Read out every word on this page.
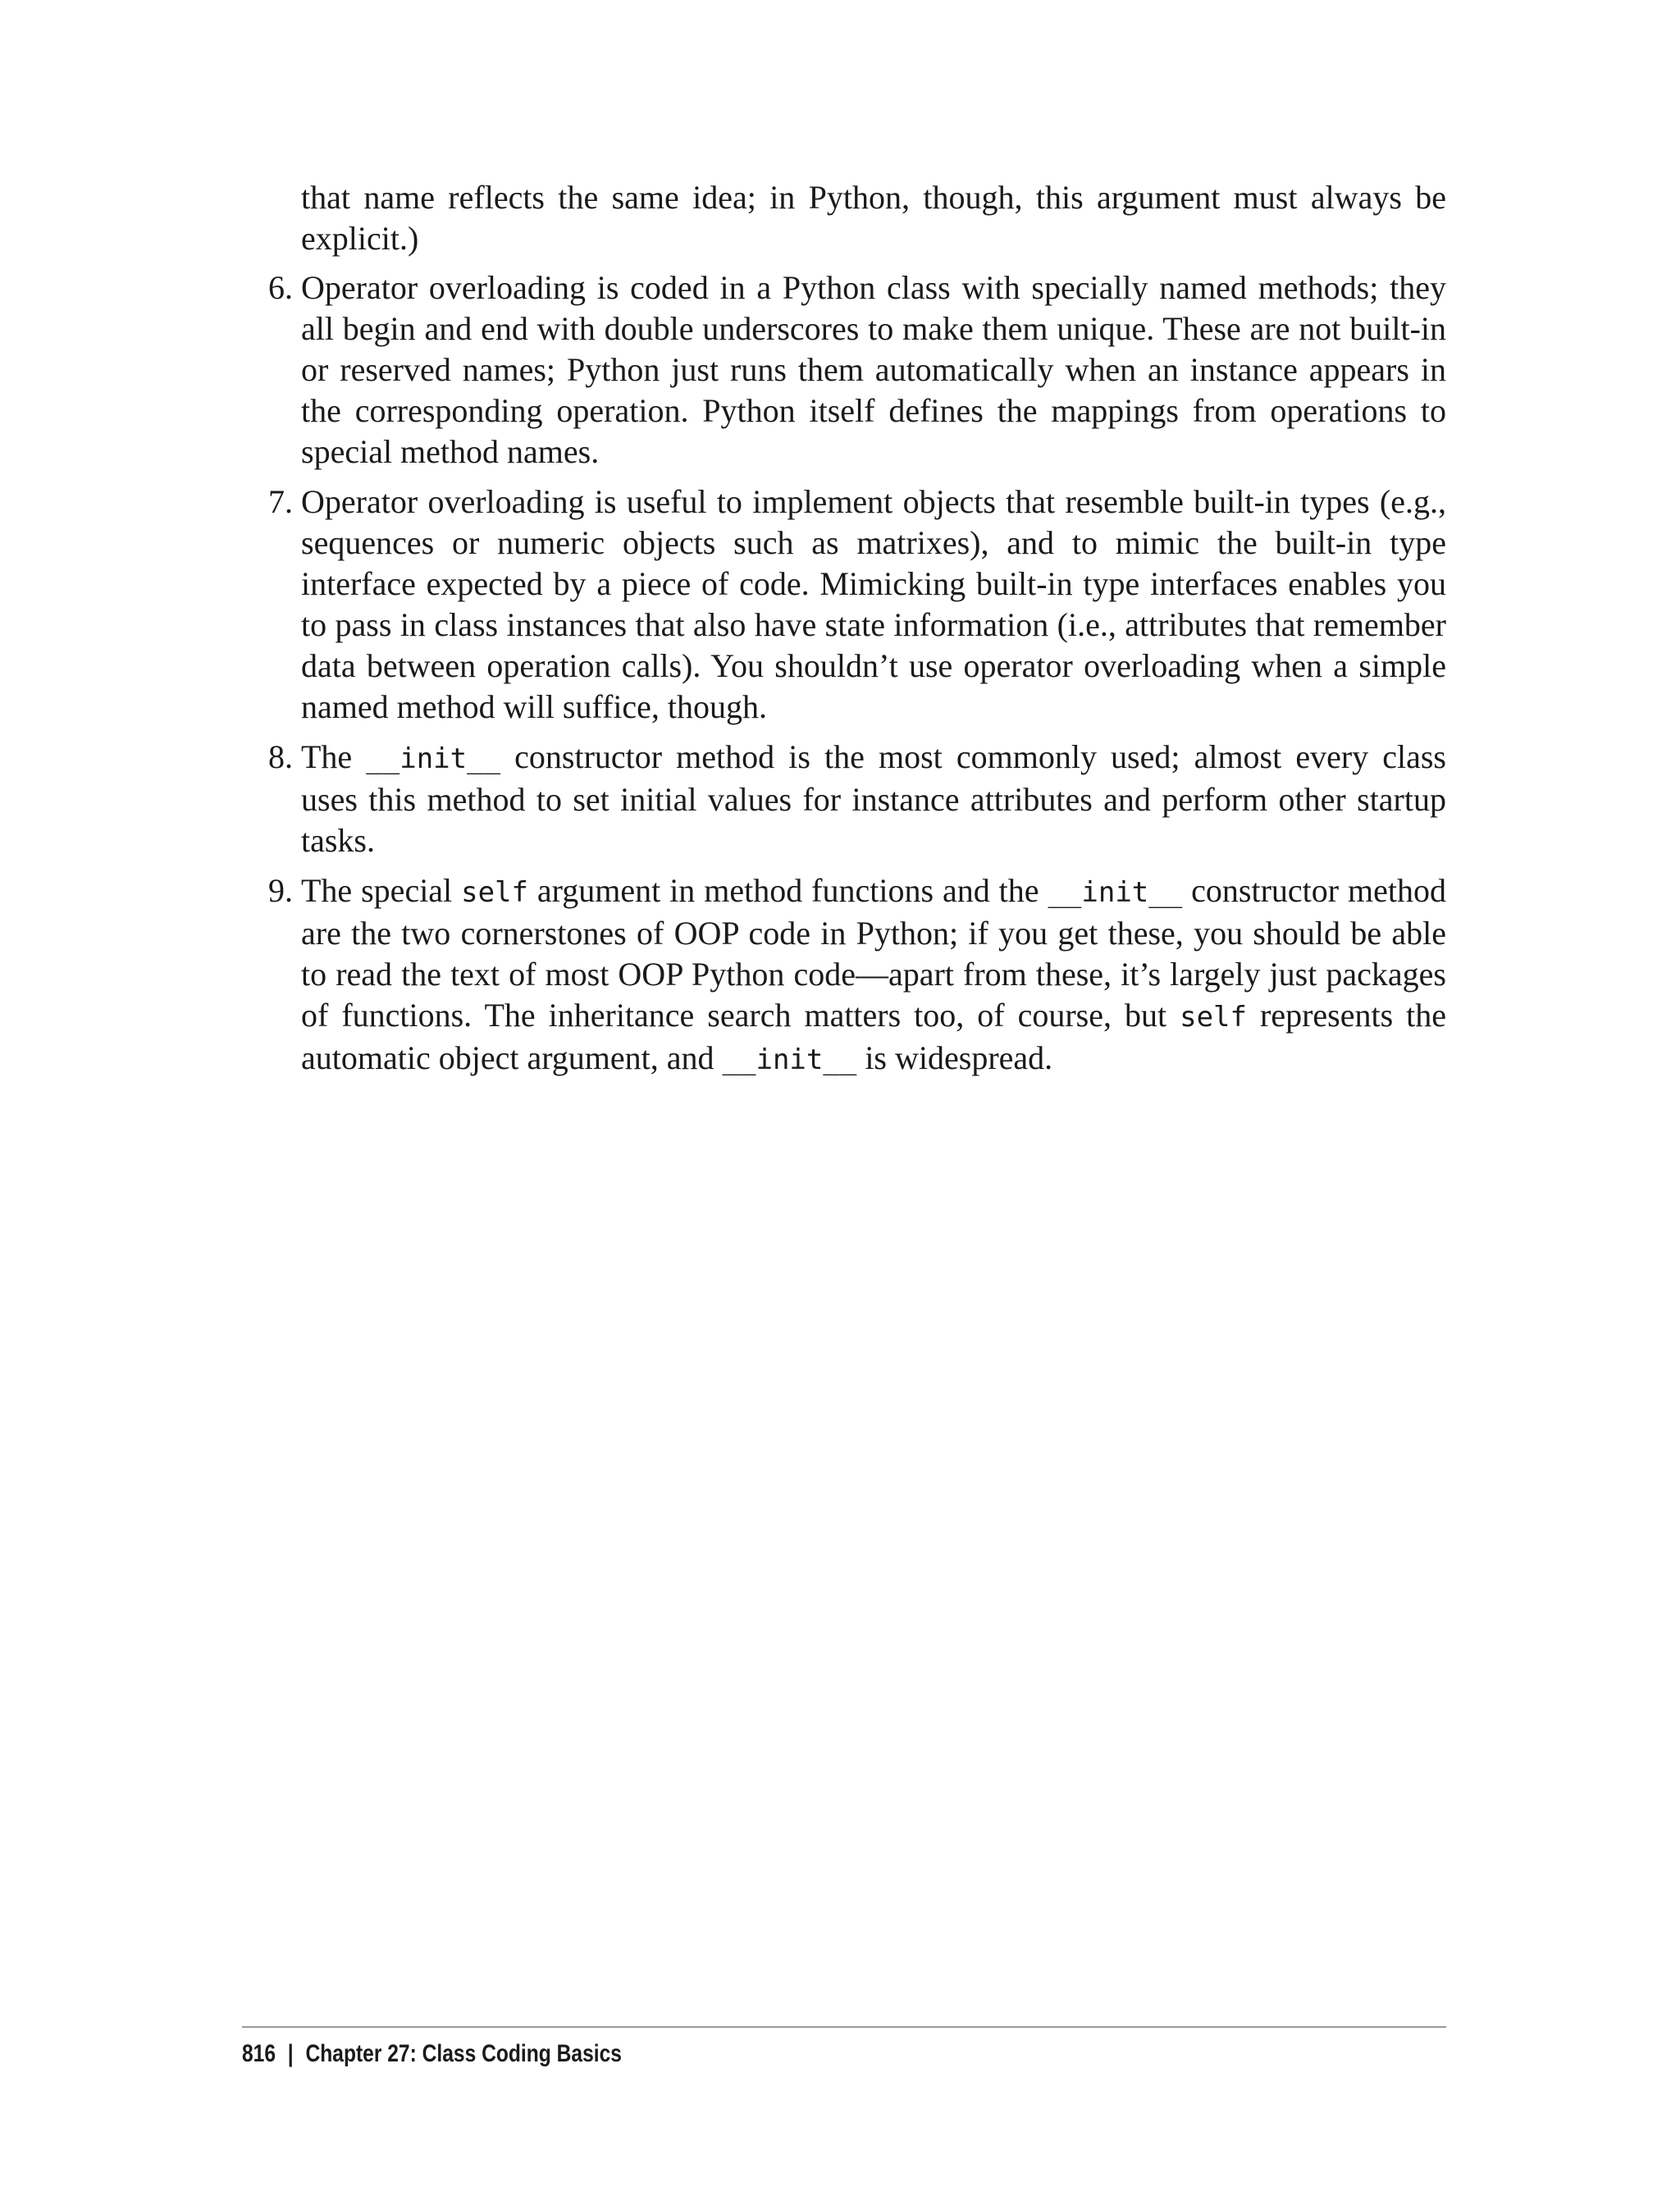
that name reflects the same idea; in Python, though, this argument must always be explicit.)

6. Operator overloading is coded in a Python class with specially named methods; they all begin and end with double underscores to make them unique. These are not built-in or reserved names; Python just runs them automatically when an instance appears in the corresponding operation. Python itself defines the mappings from operations to special method names.
7. Operator overloading is useful to implement objects that resemble built-in types (e.g., sequences or numeric objects such as matrixes), and to mimic the built-in type interface expected by a piece of code. Mimicking built-in type interfaces enables you to pass in class instances that also have state information (i.e., attributes that remember data between operation calls). You shouldn’t use operator overloading when a simple named method will suffice, though.
8. The __init__ constructor method is the most commonly used; almost every class uses this method to set initial values for instance attributes and perform other startup tasks.
9. The special self argument in method functions and the __init__ constructor method are the two cornerstones of OOP code in Python; if you get these, you should be able to read the text of most OOP Python code—apart from these, it’s largely just packages of functions. The inheritance search matters too, of course, but self represents the automatic object argument, and __init__ is widespread.
816 | Chapter 27: Class Coding Basics
